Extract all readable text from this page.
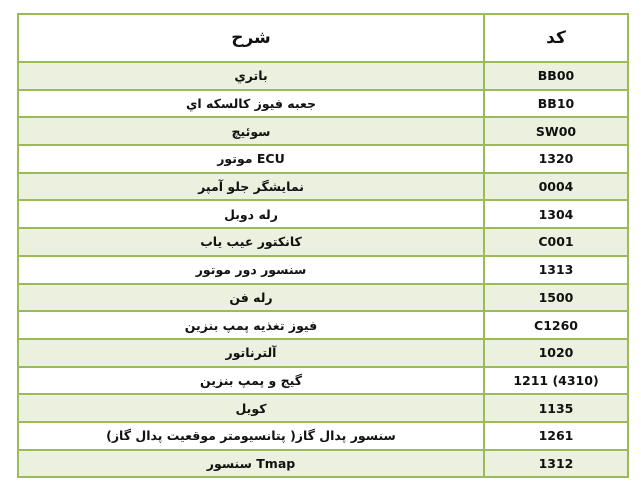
کد	شرح
BB00	باتري
BB10	جعبه فيوز كالسكه اي
SW00	سوئيچ
1320	ECU موتور
0004	نمايشگر جلو آمپر
1304	رله دوبل
C001	كانكتور عيب ياب
1313	سنسور دور موتور
1500	رله فن
C1260	فيوز تغذيه پمپ بنزين
1020	آلترناتور
1211 (4310)	گيج و پمپ بنزين
1135	كويل
1261	سنسور پدال گاز( پتانسيومتر موقعيت پدال گاز)
1312	Tmap سنسور
